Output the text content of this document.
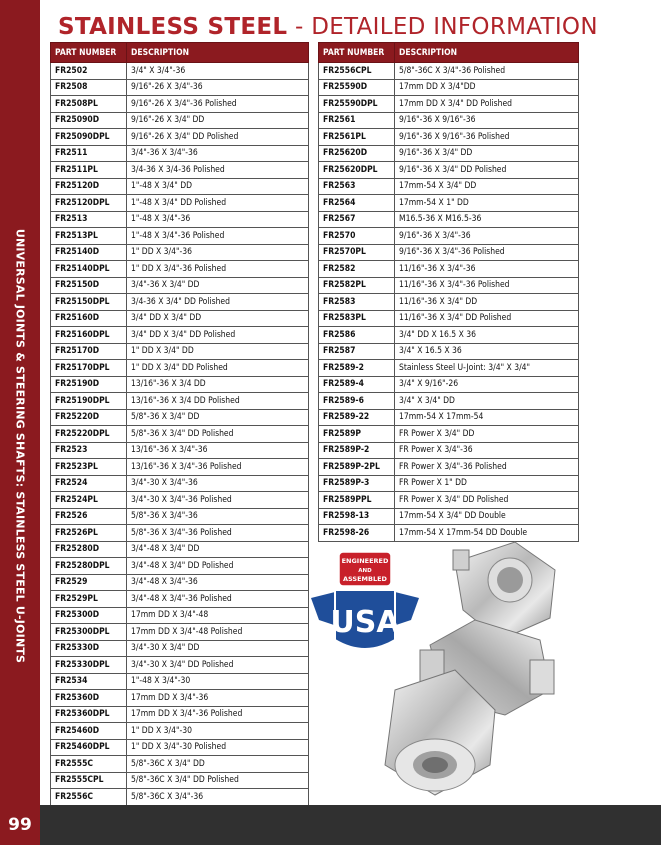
UNIVERSAL JOINTS & STEERING SHAFTS: STAINLESS STEEL U-JOINTS
STAINLESS STEEL - DETAILED INFORMATION
PART NUMBER	DESCRIPTION
FR2502	3/4" X 3/4"-36
FR2508	9/16"-26 X 3/4"-36
FR2508PL	9/16"-26 X 3/4"-36 Polished
FR25090D	9/16"-26 X 3/4" DD
FR25090DPL	9/16"-26 X 3/4" DD Polished
FR2511	3/4"-36 X 3/4"-36
FR2511PL	3/4-36 X 3/4-36 Polished
FR25120D	1"-48 X 3/4" DD
FR25120DPL	1"-48 X 3/4" DD Polished
FR2513	1"-48 X 3/4"-36
FR2513PL	1"-48 X 3/4"-36 Polished
FR25140D	1" DD X 3/4"-36
FR25140DPL	1" DD X 3/4"-36 Polished
FR25150D	3/4"-36 X 3/4" DD
FR25150DPL	3/4-36 X 3/4" DD Polished
FR25160D	3/4" DD X 3/4" DD
FR25160DPL	3/4" DD X 3/4" DD Polished
FR25170D	1" DD X 3/4" DD
FR25170DPL	1" DD X 3/4" DD Polished
FR25190D	13/16"-36 X 3/4 DD
FR25190DPL	13/16"-36 X 3/4 DD Polished
FR25220D	5/8"-36 X 3/4" DD
FR25220DPL	5/8"-36 X 3/4" DD Polished
FR2523	13/16"-36 X 3/4"-36
FR2523PL	13/16"-36 X 3/4"-36 Polished
FR2524	3/4"-30 X 3/4"-36
FR2524PL	3/4"-30 X 3/4"-36 Polished
FR2526	5/8"-36 X 3/4"-36
FR2526PL	5/8"-36 X 3/4"-36 Polished
FR25280D	3/4"-48 X 3/4" DD
FR25280DPL	3/4"-48 X 3/4" DD Polished
FR2529	3/4"-48 X 3/4"-36
FR2529PL	3/4"-48 X 3/4"-36 Polished
FR25300D	17mm DD X 3/4"-48
FR25300DPL	17mm DD X 3/4"-48 Polished
FR25330D	3/4"-30 X 3/4" DD
FR25330DPL	3/4"-30 X 3/4" DD Polished
FR2534	1"-48 X 3/4"-30
FR25360D	17mm DD X 3/4"-36
FR25360DPL	17mm DD X 3/4"-36 Polished
FR25460D	1" DD X 3/4"-30
FR25460DPL	1" DD X 3/4"-30 Polished
FR2555C	5/8"-36C X 3/4" DD
FR2555CPL	5/8"-36C X 3/4" DD Polished
FR2556C	5/8"-36C X 3/4"-36
PART NUMBER	DESCRIPTION
FR2556CPL	5/8"-36C X 3/4"-36 Polished
FR25590D	17mm DD X 3/4"DD
FR25590DPL	17mm DD X 3/4" DD Polished
FR2561	9/16"-36 X 9/16"-36
FR2561PL	9/16"-36 X 9/16"-36 Polished
FR25620D	9/16"-36 X 3/4" DD
FR25620DPL	9/16"-36 X 3/4" DD Polished
FR2563	17mm-54 X 3/4" DD
FR2564	17mm-54 X 1" DD
FR2567	M16.5-36 X M16.5-36
FR2570	9/16"-36 X 3/4"-36
FR2570PL	9/16"-36 X 3/4"-36 Polished
FR2582	11/16"-36 X 3/4"-36
FR2582PL	11/16"-36 X 3/4"-36 Polished
FR2583	11/16"-36 X 3/4" DD
FR2583PL	11/16"-36 X 3/4" DD Polished
FR2586	3/4" DD X 16.5 X 36
FR2587	3/4" X 16.5 X 36
FR2589-2	Stainless Steel U-Joint: 3/4" X 3/4"
FR2589-4	3/4" X 9/16"-26
FR2589-6	3/4" X 3/4" DD
FR2589-22	17mm-54 X 17mm-54
FR2589P	FR Power X 3/4" DD
FR2589P-2	FR Power X 3/4"-36
FR2589P-2PL	FR Power X 3/4"-36 Polished
FR2589P-3	FR Power X 1" DD
FR2589PPL	FR Power X 3/4" DD Polished
FR2598-13	17mm-54 X 3/4" DD Double
FR2598-26	17mm-54 X 17mm-54 DD Double
ENGINEERED
AND
ASSEMBLED
USA
99
